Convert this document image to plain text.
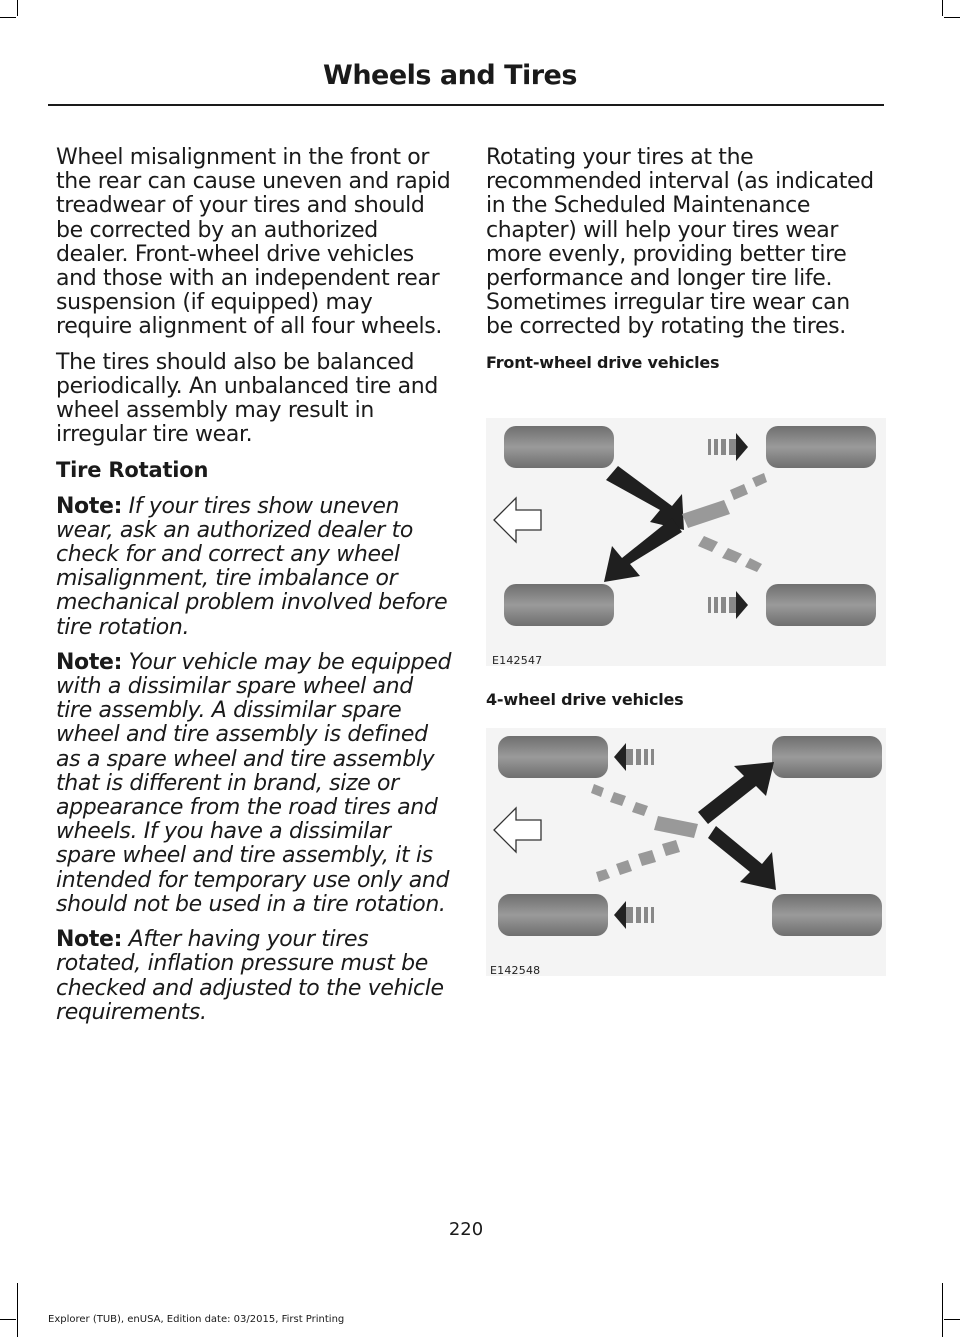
Wheels and Tires

Wheel misalignment in the front or the rear can cause uneven and rapid treadwear of your tires and should be corrected by an authorized dealer. Front-wheel drive vehicles and those with an independent rear suspension (if equipped) may require alignment of all four wheels.

The tires should also be balanced periodically. An unbalanced tire and wheel assembly may result in irregular tire wear.

Tire Rotation

Note: If your tires show uneven wear, ask an authorized dealer to check for and correct any wheel misalignment, tire imbalance or mechanical problem involved before tire rotation.

Note: Your vehicle may be equipped with a dissimilar spare wheel and tire assembly. A dissimilar spare wheel and tire assembly is defined as a spare wheel and tire assembly that is different in brand, size or appearance from the road tires and wheels. If you have a dissimilar spare wheel and tire assembly, it is intended for temporary use only and should not be used in a tire rotation.

Note: After having your tires rotated, inflation pressure must be checked and adjusted to the vehicle requirements.

Rotating your tires at the recommended interval (as indicated in the Scheduled Maintenance chapter) will help your tires wear more evenly, providing better tire performance and longer tire life. Sometimes irregular tire wear can be corrected by rotating the tires.

Front-wheel drive vehicles
E142547
4-wheel drive vehicles
E142548
220
Explorer (TUB), enUSA, Edition date: 03/2015, First Printing
